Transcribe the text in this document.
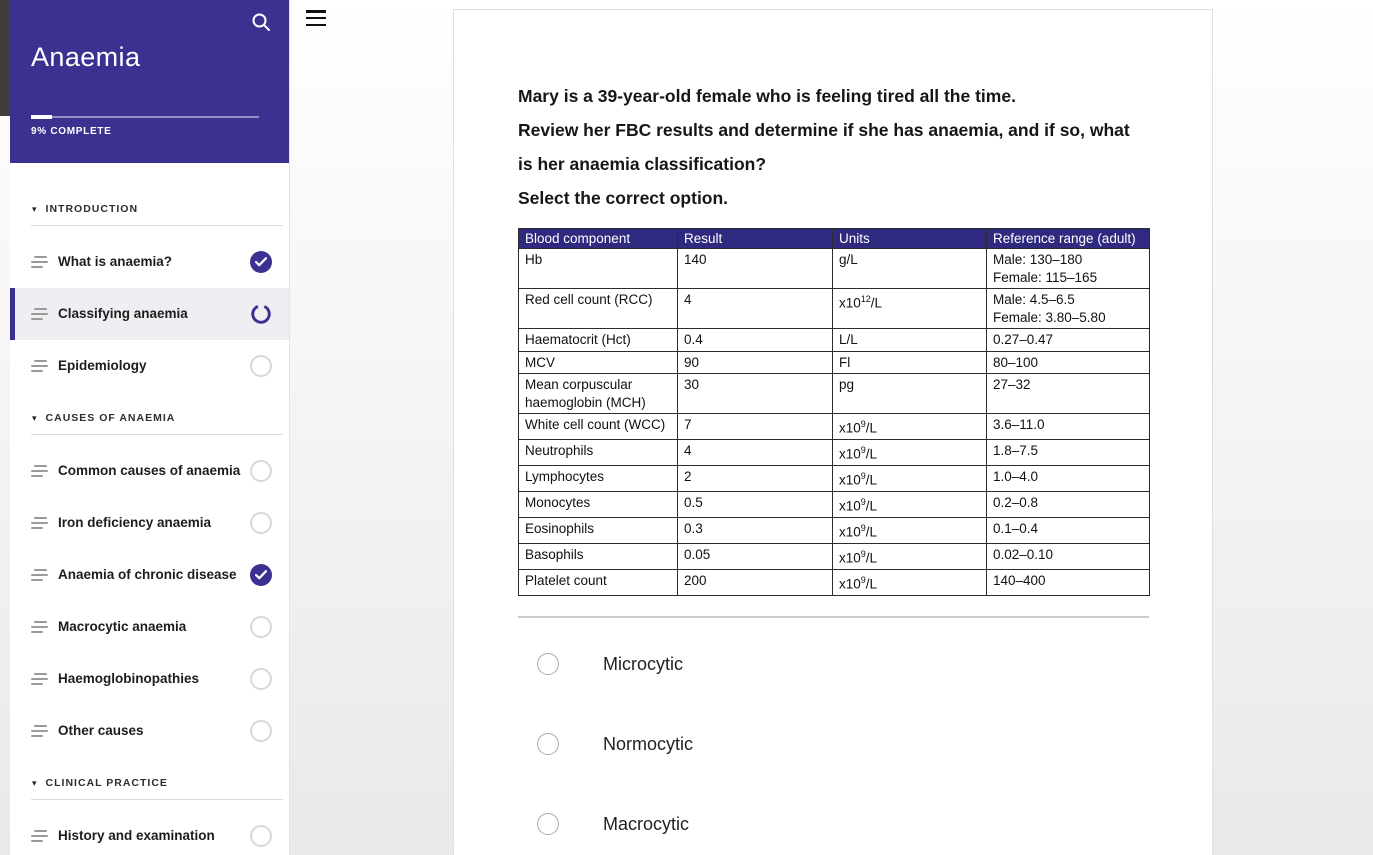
Anaemia
9% COMPLETE
▾ INTRODUCTION
What is anaemia?
Classifying anaemia
Epidemiology
▾ CAUSES OF ANAEMIA
Common causes of anaemia
Iron deficiency anaemia
Anaemia of chronic disease
Macrocytic anaemia
Haemoglobinopathies
Other causes
▾ CLINICAL PRACTICE
History and examination

Mary is a 39-year-old female who is feeling tired all the time.

Review her FBC results and determine if she has anaemia, and if so, what is her anaemia classification?

Select the correct option.

Blood component	Result	Units	Reference range (adult)
Hb	140	g/L	Male: 130–180
Female: 115–165
Red cell count (RCC)	4	$x10^{12}/L$	Male: 4.5–6.5
Female: 3.80–5.80
Haematocrit (Hct)	0.4	L/L	0.27–0.47
MCV	90	Fl	80–100
Mean corpuscular haemoglobin (MCH)	30	pg	27–32
White cell count (WCC)	7	$x10^9/L$	3.6–11.0
Neutrophils	4	$x10^9/L$	1.8–7.5
Lymphocytes	2	$x10^9/L$	1.0–4.0
Monocytes	0.5	$x10^9/L$	0.2–0.8
Eosinophils	0.3	$x10^9/L$	0.1–0.4
Basophils	0.05	$x10^9/L$	0.02–0.10
Platelet count	200	$x10^9/L$	140–400
Microcytic
Normocytic
Macrocytic
